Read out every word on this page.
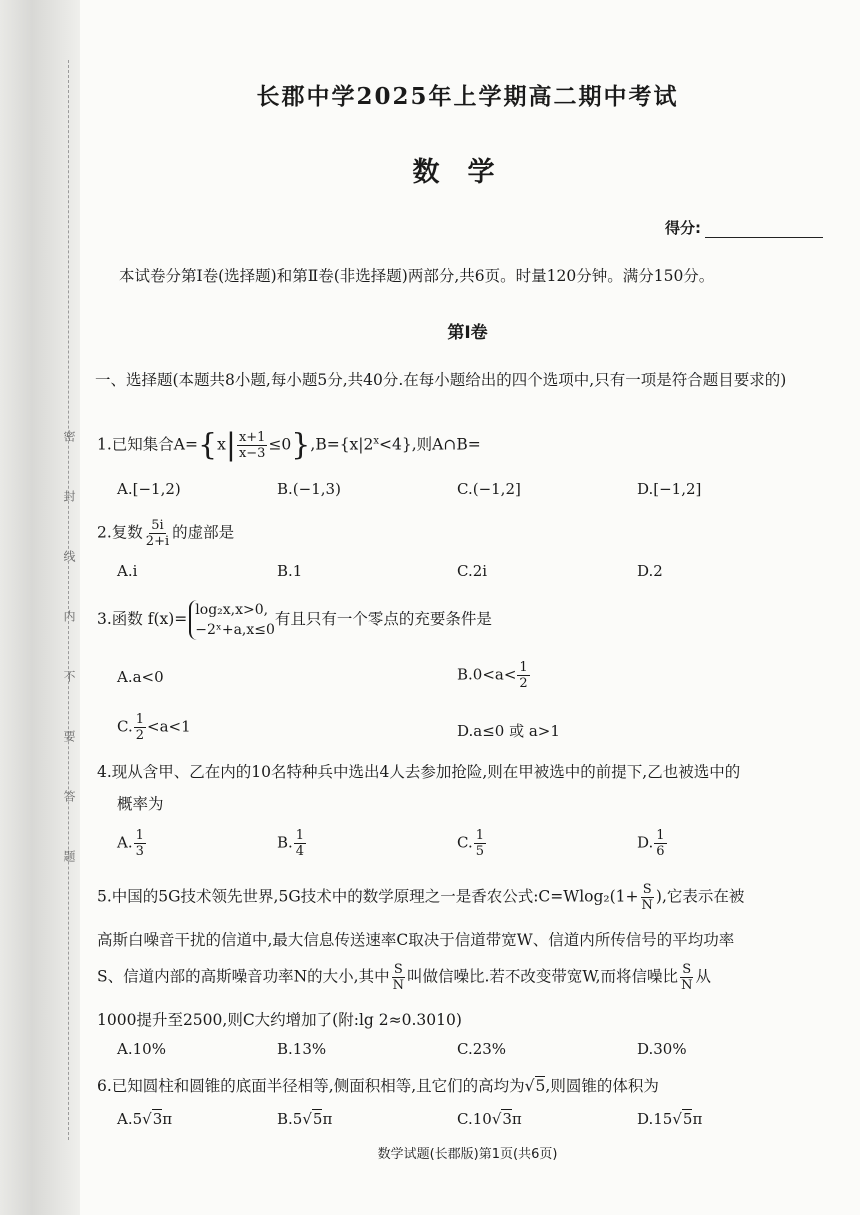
密封线内不要答题
长郡中学2025年上学期高二期中考试
数学
得分:
本试卷分第Ⅰ卷(选择题)和第Ⅱ卷(非选择题)两部分,共6页。时量120分钟。满分150分。
第Ⅰ卷
一、选择题(本题共8小题,每小题5分,共40分.在每小题给出的四个选项中,只有一项是符合题目要求的)
1.已知集合$A=\{x| \frac{x+1}{x-3} \le 0\},B=\{x|2^x<4\}$,则A∩B=
A.[−1,2)	B.(−1,3)	C.(−1,2]	D.[−1,2]
2.复数 $\frac{5i}{2+i}$ 的虚部是
A.i	B.1	C.2i	D.2
3.函数 f(x)= log₂x,x>0,
−2ˣ+a,x≤0
有且只有一个零点的充要条件是
A.a<0	$B.0<a< \frac{1}{2}$
C. $\frac{1}{2} <a<1$	D.a≤0 或 a>1
4.现从含甲、乙在内的10名特种兵中选出4人去参加抢险,则在甲被选中的前提下,乙也被选中的
概率为
A. $\frac{1}{3}$	B. $\frac{1}{4}$	C. $\frac{1}{5}$	D. $\frac{1}{6}$
5.中国的5G技术领先世界,5G技术中的数学原理之一是香农公式:C=Wlog₂(1+ $\frac{S}{N}$ ),它表示在被
高斯白噪音干扰的信道中,最大信息传送速率C取决于信道带宽W、信道内所传信号的平均功率
S、信道内部的高斯噪音功率N的大小,其中 $\frac{S}{N}$ 叫做信噪比.若不改变带宽W,而将信噪比 $\frac{S}{N}$ 从
1000提升至2500,则C大约增加了(附:lg 2≈0.3010)
A.10%	B.13%	C.23%	D.30%
6.已知圆柱和圆锥的底面半径相等,侧面积相等,且它们的高均为√5,则圆锥的体积为
A.5√3π	B.5√5π	C.10√3π	D.15√5π
数学试题(长郡版)第1页(共6页)
